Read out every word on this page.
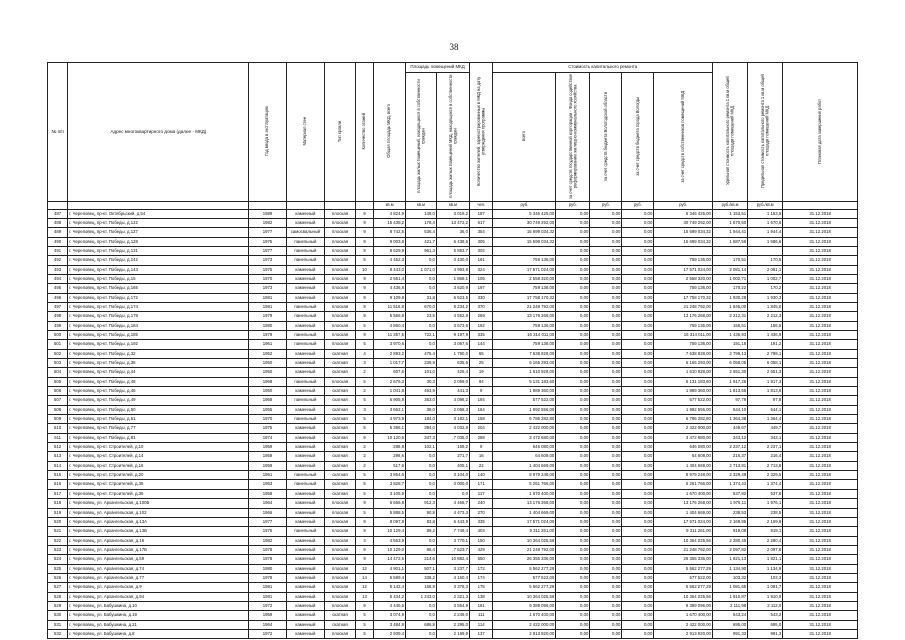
38
№ п/п	Адрес многоквартирного дома (далее - МКД)	Год ввода в эксплуатацию	Материал стен	Тип кровли	Количество этажей	Общая площадь МКД, всего	Площадь помещений МКД		Количество жителей, зарегистрированных в МКД на дату утверждения программы	Стоимость капитального ремонта					Удельная стоимость капитального ремонта 1 кв.м общей площади помещений МКД	Предельная стоимость капитального ремонта 1 кв.м общей площади помещений МКД	Плановая дата завершения работ
							площадь жилых помещений, находящихся в собственности граждан	площадь жилых помещений МКД, находящихся в собственности граждан		всего	за счет средств государственной корпорации - Фонда содействия реформированию жилищно-коммунального хозяйства	за счет средств бюджета Вологодской области	за счет средств бюджета города Вологды	за счет средств собственников помещений МКД			
						кв.м	кв.м	кв.м	чел.	руб.	руб.	руб.	руб.	руб.	руб./кв.м	руб./кв.м	
487	г. Череповец, пр-кт. Октябрьский, д.54	1989	каменный	плоская	9	4 824,9	149,0	3 019,2	187	5 346 425,00	0,00	0,00	0,00	5 346 425,00	1 153,51	1 153,5	31.12.2018
488	г. Череповец, пр-кт. Победы, д.122	1982	каменный	плоская	9	15 438,2	178,4	13 472,2	617	30 749 292,00	0,00	0,00	0,00	30 749 292,00	1 670,60	1 670,6	31.12.2018
489	г. Череповец, пр-кт. Победы, д.127	1977	самосвальный	плоская	9	8 742,5	536,4	36,0	354	15 699 034,32	0,00	0,00	0,00	15 699 034,32	1 944,41	1 944,4	31.12.2018
490	г. Череповец, пр-кт. Победы, д.128	1975	панельный	плоская	9	9 003,8	421,7	6 438,6	305	15 699 034,32	0,00	0,00	0,00	15 699 034,32	1 687,56	1 686,6	31.12.2018
491	г. Череповец, пр-кт. Победы, д.131	1977	панельный	плоская	9	8 629,9	961,3	5 893,7	302		0,00	0,00	0,00				31.12.2018
492	г. Череповец, пр-кт. Победы, д.142	1973	панельный	плоская	5	4 452,3	0,0	3 430,0	181	759 136,00	0,00	0,00	0,00	759 136,00	170,51	170,5	31.12.2018
493	г. Череповец, пр-кт. Победы, д.143	1975	каменный	плоская	10	8 443,0	1 071,0	4 993,8	324	17 571 024,00	0,00	0,00	0,00	17 571 024,00	2 081,14	2 081,1	31.12.2018
494	г. Череповец, пр-кт. Победы, д.15	1970	каменный	плоская	9	2 551,4	0,0	1 868,1	105	2 558 320,00	0,00	0,00	0,00	2 558 320,00	1 002,71	1 002,7	31.12.2018
495	г. Череповец, пр-кт. Победы, д.165	1973	каменный	плоская	9	4 436,8	0,0	3 620,9	197	759 136,00	0,00	0,00	0,00	759 136,00	170,22	170,2	31.12.2018
496	г. Череповец, пр-кт. Победы, д.172	1981	каменный	плоская	9	9 109,8	31,8	6 523,5	330	17 758 170,32	0,00	0,00	0,00	17 758 170,32	1 930,28	1 930,3	31.12.2018
497	г. Череповец, пр-кт. Победы, д.174	1981	панельный	плоская	9	11 516,8	670,0	8 234,2	370	21 248 792,00	0,00	0,00	0,00	21 248 792,00	1 845,00	1 845,0	31.12.2018
498	г. Череповец, пр-кт. Победы, д.178	1979	панельный	плоская	9	5 566,8	23,5	4 552,8	269	13 176 268,00	0,00	0,00	0,00	13 176 268,00	2 212,31	2 212,3	31.12.2018
499	г. Череповец, пр-кт. Победы, д.184	1980	каменный	плоская	5	4 860,4	0,0	3 673,6	192	759 136,00	0,00	0,00	0,00	759 136,00	156,51	156,5	31.12.2018
500	г. Череповец, пр-кт. Победы, д.185	1979	панельный	плоская	9	11 357,5	722,1	9 197,9	335	16 314 011,00	0,00	0,00	0,00	16 314 011,00	1 436,93	1 436,9	31.12.2018
501	г. Череповец, пр-кт. Победы, д.192	1961	панельный	плоская	5	3 970,6	0,0	3 067,6	144	759 136,00	0,00	0,00	0,00	759 136,00	191,18	191,2	31.12.2018
502	г. Череповец, пр-кт. Победы, д.32	1952	каменный	скатная	4	2 893,2	475,4	1 790,0	65	7 638 828,00	0,00	0,00	0,00	7 638 828,00	2 799,13	2 799,1	31.12.2018
503	г. Череповец, пр-кт. Победы, д.38	1950	каменный	скатная	3	1 017,7	239,9	635,6	25	6 165 293,00	0,00	0,00	0,00	6 165 293,00	6 058,05	6 058,1	31.12.2018
504	г. Череповец, пр-кт. Победы, д.44	1950	каменный	скатная	2	607,6	101,0	426,4	19	1 610 928,00	0,00	0,00	0,00	1 610 928,00	2 651,30	2 651,3	31.12.2018
505	г. Череповец, пр-кт. Победы, д.48	1968	панельный	плоская	5	2 676,3	30,3	2 059,0	94	5 131 183,60	0,00	0,00	0,00	5 131 183,60	1 917,26	1 917,3	31.12.2018
506	г. Череповец, пр-кт. Победы, д.46	1950	каменный	скатная	2	1 041,8	463,9	441,3	9	1 889 360,00	0,00	0,00	0,00	1 889 360,00	1 813,55	1 813,6	31.12.2018
507	г. Череповец, пр-кт. Победы, д.49	1968	панельный	скатная	5	5 905,9	363,0	4 098,2	194	577 522,00	0,00	0,00	0,00	577 522,00	97,79	97,8	31.12.2018
508	г. Череповец, пр-кт. Победы, д.50	1955	каменный	скатная	3	3 662,1	39,0	2 058,3	164	1 992 556,00	0,00	0,00	0,00	1 992 556,00	544,10	544,1	31.12.2018
509	г. Череповец, пр-кт. Победы, д.51	1970	панельный	скатная	5	4 973,9	184,0	3 182,1	158	6 786 282,80	0,00	0,00	0,00	6 786 282,80	1 364,38	1 364,4	31.12.2018
510	г. Череповец, пр-кт. Победы, д.77	1975	каменный	скатная	5	5 386,1	394,0	4 032,8	204	2 422 000,00	0,00	0,00	0,00	2 422 000,00	449,67	449,7	31.12.2018
511	г. Череповец, пр-кт. Победы, д.81	1974	каменный	скатная	9	10 120,6	347,3	7 035,0	288	3 472 680,00	0,00	0,00	0,00	3 472 680,00	343,12	343,1	31.12.2018
512	г. Череповец, пр-кт. Строителей, д.10	1959	каменный	скатная	2	288,8	102,1	159,2	9	646 080,00	0,00	0,00	0,00	646 080,00	2 237,12	2 237,1	31.12.2018
513	г. Череповец, пр-кт. Строителей, д.14	1958	каменный	скатная	2	298,6	0,0	271,7	16	64 608,00	0,00	0,00	0,00	64 608,00	216,37	216,4	31.12.2018
514	г. Череповец, пр-кт. Строителей, д.16	1959	каменный	скатная	2	517,6	0,0	405,1	22	1 404 669,00	0,00	0,00	0,00	1 404 669,00	2 713,81	2 713,8	31.12.2018
515	г. Череповец, пр-кт. Строителей, д.20	1961	панельный	скатная	5	3 854,6	0,0	3 104,0	140	8 979 248,00	0,00	0,00	0,00	8 979 248,00	2 329,49	2 329,5	31.12.2018
516	г. Череповец, пр-кт. Строителей, д.35	1963	панельный	скатная	5	3 828,7	0,0	3 000,0	171	5 261 766,00	0,00	0,00	0,00	5 261 766,00	1 374,43	1 374,4	31.12.2018
517	г. Череповец, пр-кт. Строителей, д.36	1958	каменный	скатная	5	3 105,9	0,0	0,0	117	1 670 400,00	0,00	0,00	0,00	1 670 400,00	537,82	537,8	31.12.2018
518	г. Череповец, ул. Архангельская, д.100Б	1964	каменный	плоская	9	6 666,8	912,3	4 466,7	240	13 176 268,00	0,00	0,00	0,00	13 176 268,00	1 976,11	1 976,1	31.12.2018
519	г. Череповец, ул. Архангельская, д.102	1966	каменный	плоская	5	5 888,5	90,8	4 473,3	270	1 404 669,00	0,00	0,00	0,00	1 404 669,00	238,53	238,5	31.12.2018
520	г. Череповец, ул. Архангельская, д.13А	1977	каменный	плоская	9	8 097,8	83,8	6 443,9	335	17 571 024,00	0,00	0,00	0,00	17 571 024,00	2 169,85	2 169,9	31.12.2018
521	г. Череповец, ул. Архангельская, д.13Б	1976	панельный	плоская	9	10 129,4	89,2	7 749,4	403	9 311 261,00	0,00	0,00	0,00	9 311 261,00	919,08	919,1	31.12.2018
522	г. Череповец, ул. Архангельская, д.16	1982	каменный	плоская	4	4 553,9	0,0	3 770,1	150	10 364 025,56	0,00	0,00	0,00	10 364 025,56	2 280,45	2 280,4	31.12.2018
523	г. Череповец, ул. Архангельская, д.17Б	1978	каменный	плоская	9	10 129,0	86,4	7 623,7	429	21 248 792,00	0,00	0,00	0,00	21 248 792,00	2 097,82	2 097,8	31.12.2018
524	г. Череповец, ул. Архангельская, д.59	1978	каменный	плоская	9	14 472,6	214,6	10 882,4	550	26 355 336,00	0,00	0,00	0,00	26 355 336,00	1 821,13	1 821,1	31.12.2018
525	г. Череповец, ул. Архангельская, д.74	1980	каменный	плоская	12	4 901,1	507,1	3 237,7	172	5 562 277,29	0,00	0,00	0,00	5 562 277,29	1 134,90	1 134,9	31.12.2018
526	г. Череповец, ул. Архангельская, д.77	1978	каменный	плоская	14	5 589,4	338,2	4 160,4	174	577 522,00	0,00	0,00	0,00	577 522,00	103,32	103,3	31.12.2018
527	г. Череповец, ул. Архангельская, д.9	1981	каменный	плоская	12	5 142,4	168,9	3 378,3	175	5 562 277,29	0,00	0,00	0,00	5 562 277,29	1 081,65	1 081,7	31.12.2018
528	г. Череповец, ул. Архангельская, д.94	1981	каменный	плоская	13	5 434,2	1 243,0	2 321,3	138	10 364 025,56	0,00	0,00	0,00	10 364 025,56	1 910,87	1 910,9	31.12.2018
529	г. Череповец, ул. Бабушкина, д.10	1972	каменный	плоская	9	4 445,6	0,0	3 554,9	181	9 389 096,00	0,00	0,00	0,00	9 389 096,00	2 111,98	2 112,0	31.12.2018
530	г. Череповец, ул. Бабушкина, д.19	1959	каменный	скатная	5	3 074,9	0,0	2 249,0	111	1 670 400,00	0,00	0,00	0,00	1 670 400,00	543,24	543,2	31.12.2018
531	г. Череповец, ул. Бабушкина, д.21	1964	каменный	скатная	5	3 484,9	686,8	2 295,0	114	2 422 000,00	0,00	0,00	0,00	2 422 000,00	695,00	695,0	31.12.2018
532	г. Череповец, ул. Бабушкина, д.8	1972	каменный	плоская	5	2 939,4	0,0	2 169,9	137	2 913 920,00	0,00	0,00	0,00	2 913 920,00	991,33	991,3	31.12.2018
